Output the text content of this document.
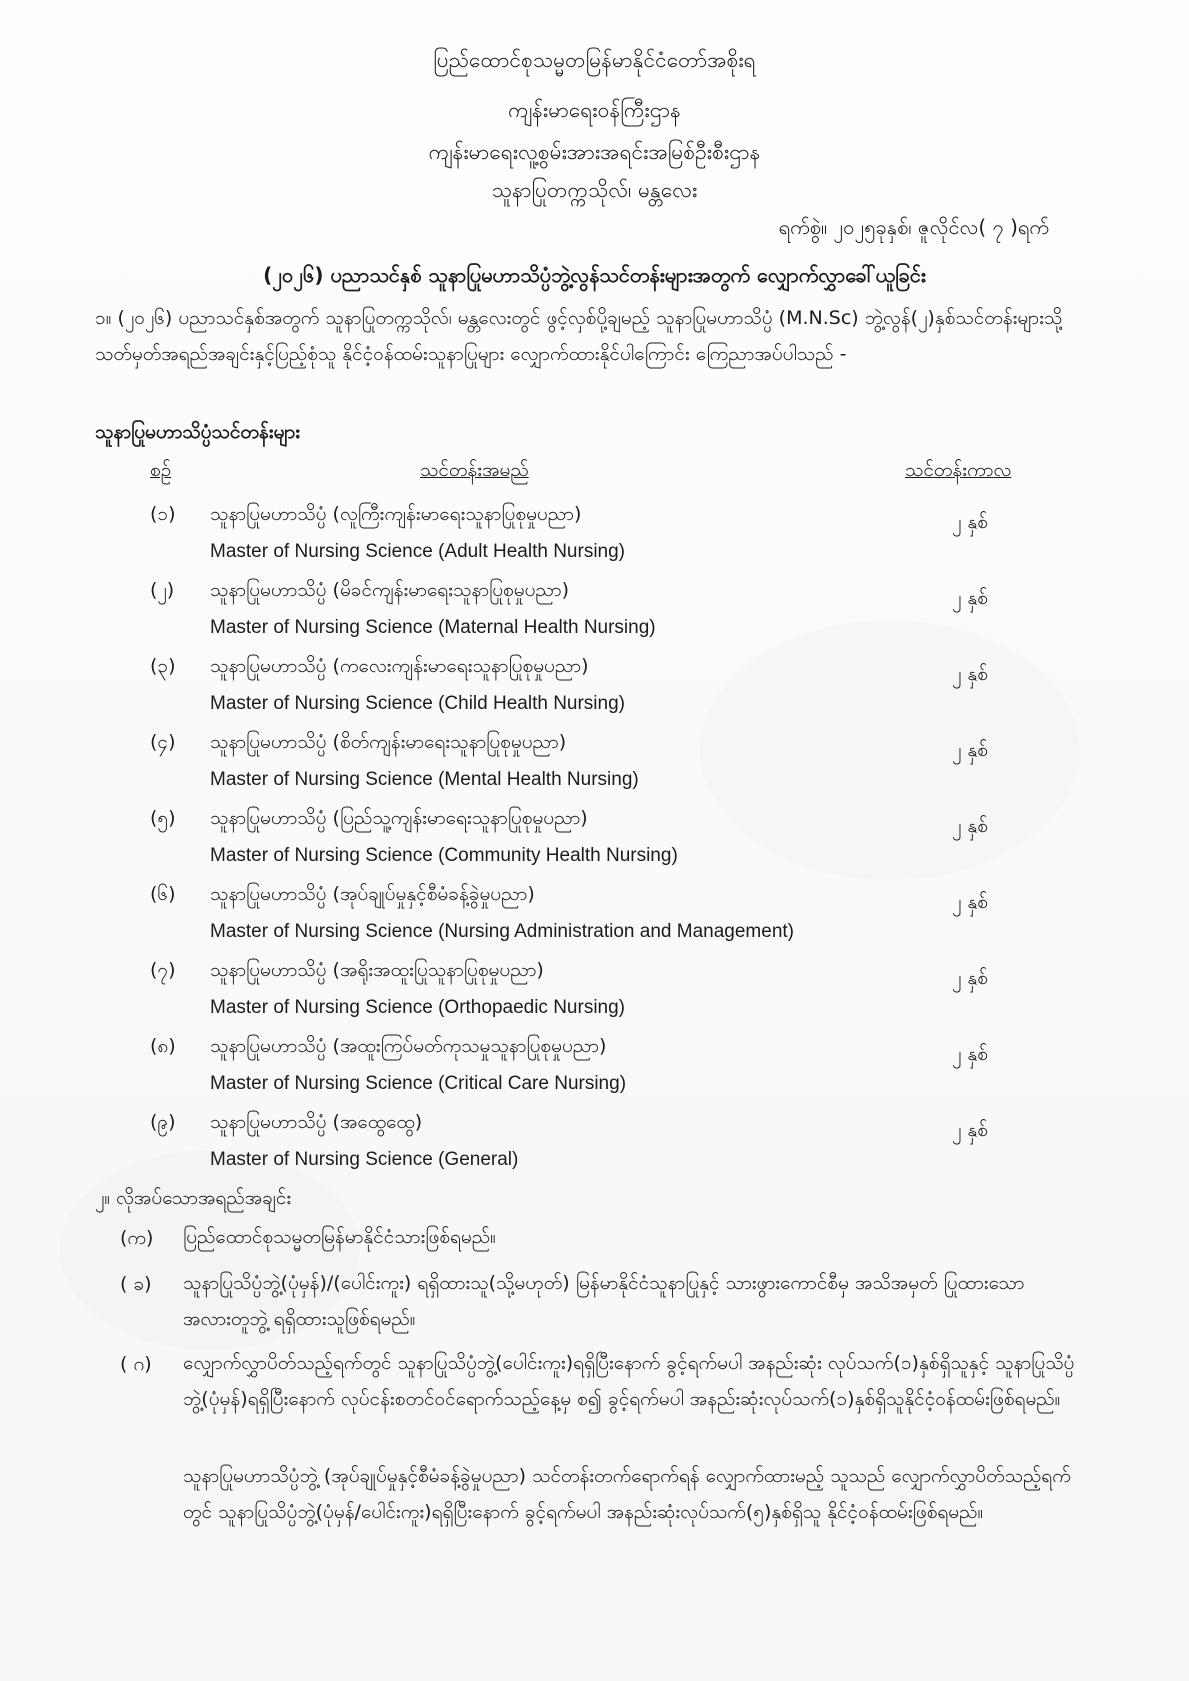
ပြည်ထောင်စုသမ္မတမြန်မာနိုင်ငံတော်အစိုးရ
ကျန်းမာရေးဝန်ကြီးဌာန
ကျန်းမာရေးလူ့စွမ်းအားအရင်းအမြစ်ဦးစီးဌာန
သူနာပြုတက္ကသိုလ်၊ မန္တလေး
ရက်စွဲ။ ၂၀၂၅ခုနှစ်၊ ဇူလိုင်လ( ၇ )ရက်
(၂၀၂၆) ပညာသင်နှစ် သူနာပြုမဟာသိပ္ပံဘွဲ့လွန်သင်တန်းများအတွက် လျှောက်လွှာခေါ်ယူခြင်း
၁။ (၂၀၂၆) ပညာသင်နှစ်အတွက် သူနာပြုတက္ကသိုလ်၊ မန္တလေးတွင် ဖွင့်လှစ်ပို့ချမည့် သူနာပြုမဟာသိပ္ပံ (M.N.Sc) ဘွဲ့လွန်(၂)နှစ်သင်တန်းများသို့ သတ်မှတ်အရည်အချင်းနှင့်ပြည့်စုံသူ နိုင်ငံ့ဝန်ထမ်းသူနာပြုများ လျှောက်ထားနိုင်ပါကြောင်း ကြေညာအပ်ပါသည် -
သူနာပြုမဟာသိပ္ပံသင်တန်းများ
စဉ်	သင်တန်းအမည်	သင်တန်းကာလ
(၁) သူနာပြုမဟာသိပ္ပံ (လူကြီးကျန်းမာရေးသူနာပြုစုမှုပညာ)
Master of Nursing Science (Adult Health Nursing)
၂ နှစ်
(၂) သူနာပြုမဟာသိပ္ပံ (မိခင်ကျန်းမာရေးသူနာပြုစုမှုပညာ)
Master of Nursing Science (Maternal Health Nursing)
၂ နှစ်
(၃) သူနာပြုမဟာသိပ္ပံ (ကလေးကျန်းမာရေးသူနာပြုစုမှုပညာ)
Master of Nursing Science (Child Health Nursing)
၂ နှစ်
(၄) သူနာပြုမဟာသိပ္ပံ (စိတ်ကျန်းမာရေးသူနာပြုစုမှုပညာ)
Master of Nursing Science (Mental Health Nursing)
၂ နှစ်
(၅) သူနာပြုမဟာသိပ္ပံ (ပြည်သူ့ကျန်းမာရေးသူနာပြုစုမှုပညာ)
Master of Nursing Science (Community Health Nursing)
၂ နှစ်
(၆) သူနာပြုမဟာသိပ္ပံ (အုပ်ချုပ်မှုနှင့်စီမံခန့်ခွဲမှုပညာ)
Master of Nursing Science (Nursing Administration and Management)
၂ နှစ်
(၇) သူနာပြုမဟာသိပ္ပံ (အရိုးအထူးပြုသူနာပြုစုမှုပညာ)
Master of Nursing Science (Orthopaedic Nursing)
၂ နှစ်
(၈) သူနာပြုမဟာသိပ္ပံ (အထူးကြပ်မတ်ကုသမှုသူနာပြုစုမှုပညာ)
Master of Nursing Science (Critical Care Nursing)
၂ နှစ်
(၉) သူနာပြုမဟာသိပ္ပံ (အထွေထွေ)
Master of Nursing Science (General)
၂ နှစ်
၂။ လိုအပ်သောအရည်အချင်း
(က) ပြည်ထောင်စုသမ္မတမြန်မာနိုင်ငံသားဖြစ်ရမည်။
( ခ) သူနာပြုသိပ္ပံဘွဲ့(ပုံမှန်)/(ပေါင်းကူး) ရရှိထားသူ(သို့မဟုတ်) မြန်မာနိုင်ငံသူနာပြုနှင့် သားဖွားကောင်စီမှ အသိအမှတ် ပြုထားသောအလားတူဘွဲ့ ရရှိထားသူဖြစ်ရမည်။
( ဂ) လျှောက်လွှာပိတ်သည့်ရက်တွင် သူနာပြုသိပ္ပံဘွဲ့(ပေါင်းကူး)ရရှိပြီးနောက် ခွင့်ရက်မပါ အနည်းဆုံး လုပ်သက်(၁)နှစ်ရှိသူနှင့် သူနာပြုသိပ္ပံဘွဲ့(ပုံမှန်)ရရှိပြီးနောက် လုပ်ငန်းစတင်ဝင်ရောက်သည့်နေ့မှ စ၍ ခွင့်ရက်မပါ အနည်းဆုံးလုပ်သက်(၁)နှစ်ရှိသူနိုင်ငံ့ဝန်ထမ်းဖြစ်ရမည်။
သူနာပြုမဟာသိပ္ပံဘွဲ့ (အုပ်ချုပ်မှုနှင့်စီမံခန့်ခွဲမှုပညာ) သင်တန်းတက်ရောက်ရန် လျှောက်ထားမည့် သူသည် လျှောက်လွှာပိတ်သည့်ရက်တွင် သူနာပြုသိပ္ပံဘွဲ့(ပုံမှန်/ပေါင်းကူး)ရရှိပြီးနောက် ခွင့်ရက်မပါ အနည်းဆုံးလုပ်သက်(၅)နှစ်ရှိသူ နိုင်ငံ့ဝန်ထမ်းဖြစ်ရမည်။
